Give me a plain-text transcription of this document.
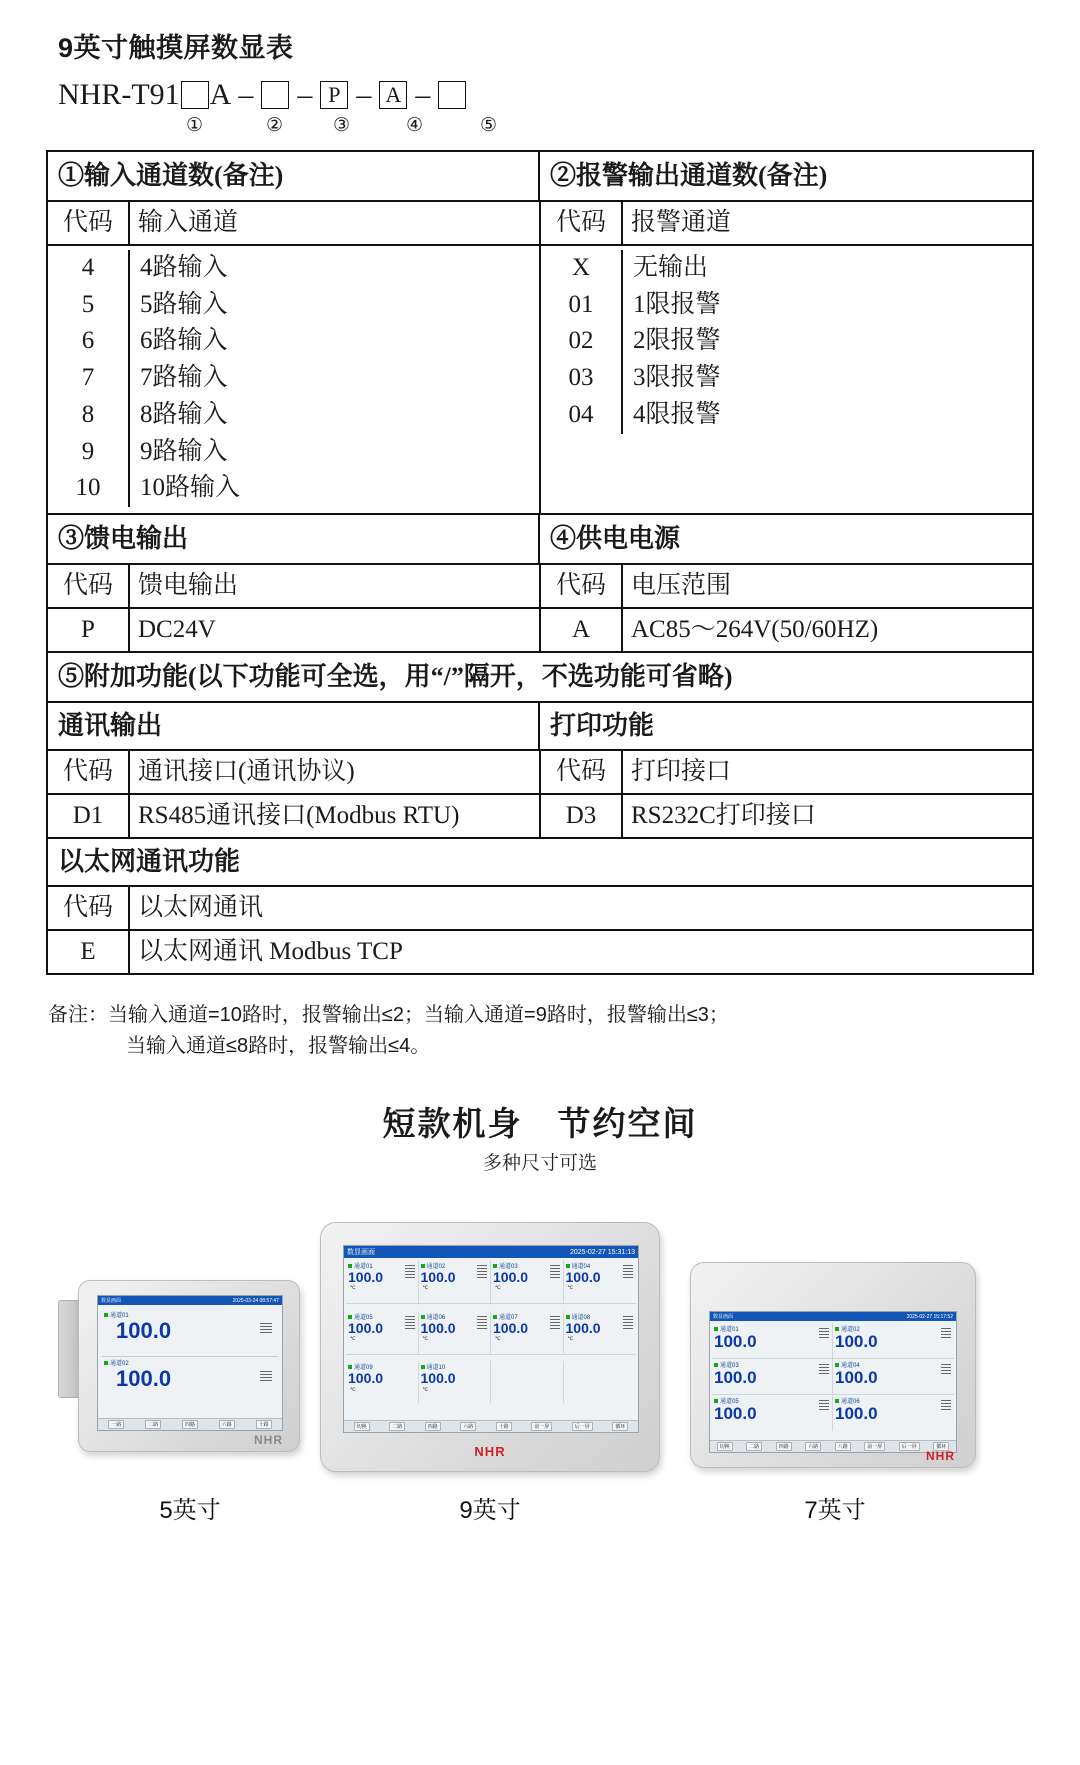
9英寸触摸屏数显表
NHR-T91 A – – P – A –
①	②	③	④	⑤
①输入通道数(备注)	②报警输出通道数(备注)
代码	输入通道	代码	报警通道
4	4路输入
5	5路输入
6	6路输入
7	7路输入
8	8路输入
9	9路输入
10	10路输入
X	无输出
01	1限报警
02	2限报警
03	3限报警
04	4限报警
③馈电输出	④供电电源
代码	馈电输出	代码	电压范围
P	DC24V	A	AC85～264V(50/60HZ)
⑤附加功能(以下功能可全选，用“/”隔开，不选功能可省略)
通讯输出	打印功能
代码	通讯接口(通讯协议)	代码	打印接口
D1	RS485通讯接口(Modbus RTU)	D3	RS232C打印接口
以太网通讯功能
代码	以太网通讯
E	以太网通讯 Modbus TCP
备注：当输入通道=10路时，报警输出≤2；当输入通道=9路时，报警输出≤3；
当输入通道≤8路时，报警输出≤4。
短款机身　节约空间
多种尺寸可选
数显画面	2025-03-24 08:57:47
通道01
100.0
通道02
100.0
一路	二路	四路	六路	十路
NHR
5英寸
数显画面	2025-02-27 15:31:13
通道01
100.0
℃
通道02
100.0
℃
通道03
100.0
℃
通道04
100.0
℃
通道05
100.0
℃
通道06
100.0
℃
通道07
100.0
℃
通道08
100.0
℃
通道09
100.0
℃
通道10
100.0
℃
切换	二路	四路	六路	十路	前一屏	后一屏	循环
NHR
9英寸
数显画面	2025-02-27 15:17:52
通道01
100.0
通道02
100.0
通道03
100.0
通道04
100.0
通道05
100.0
通道06
100.0
切换	二路	四路	六路	八路	前一屏	后一屏	循环
NHR
7英寸
